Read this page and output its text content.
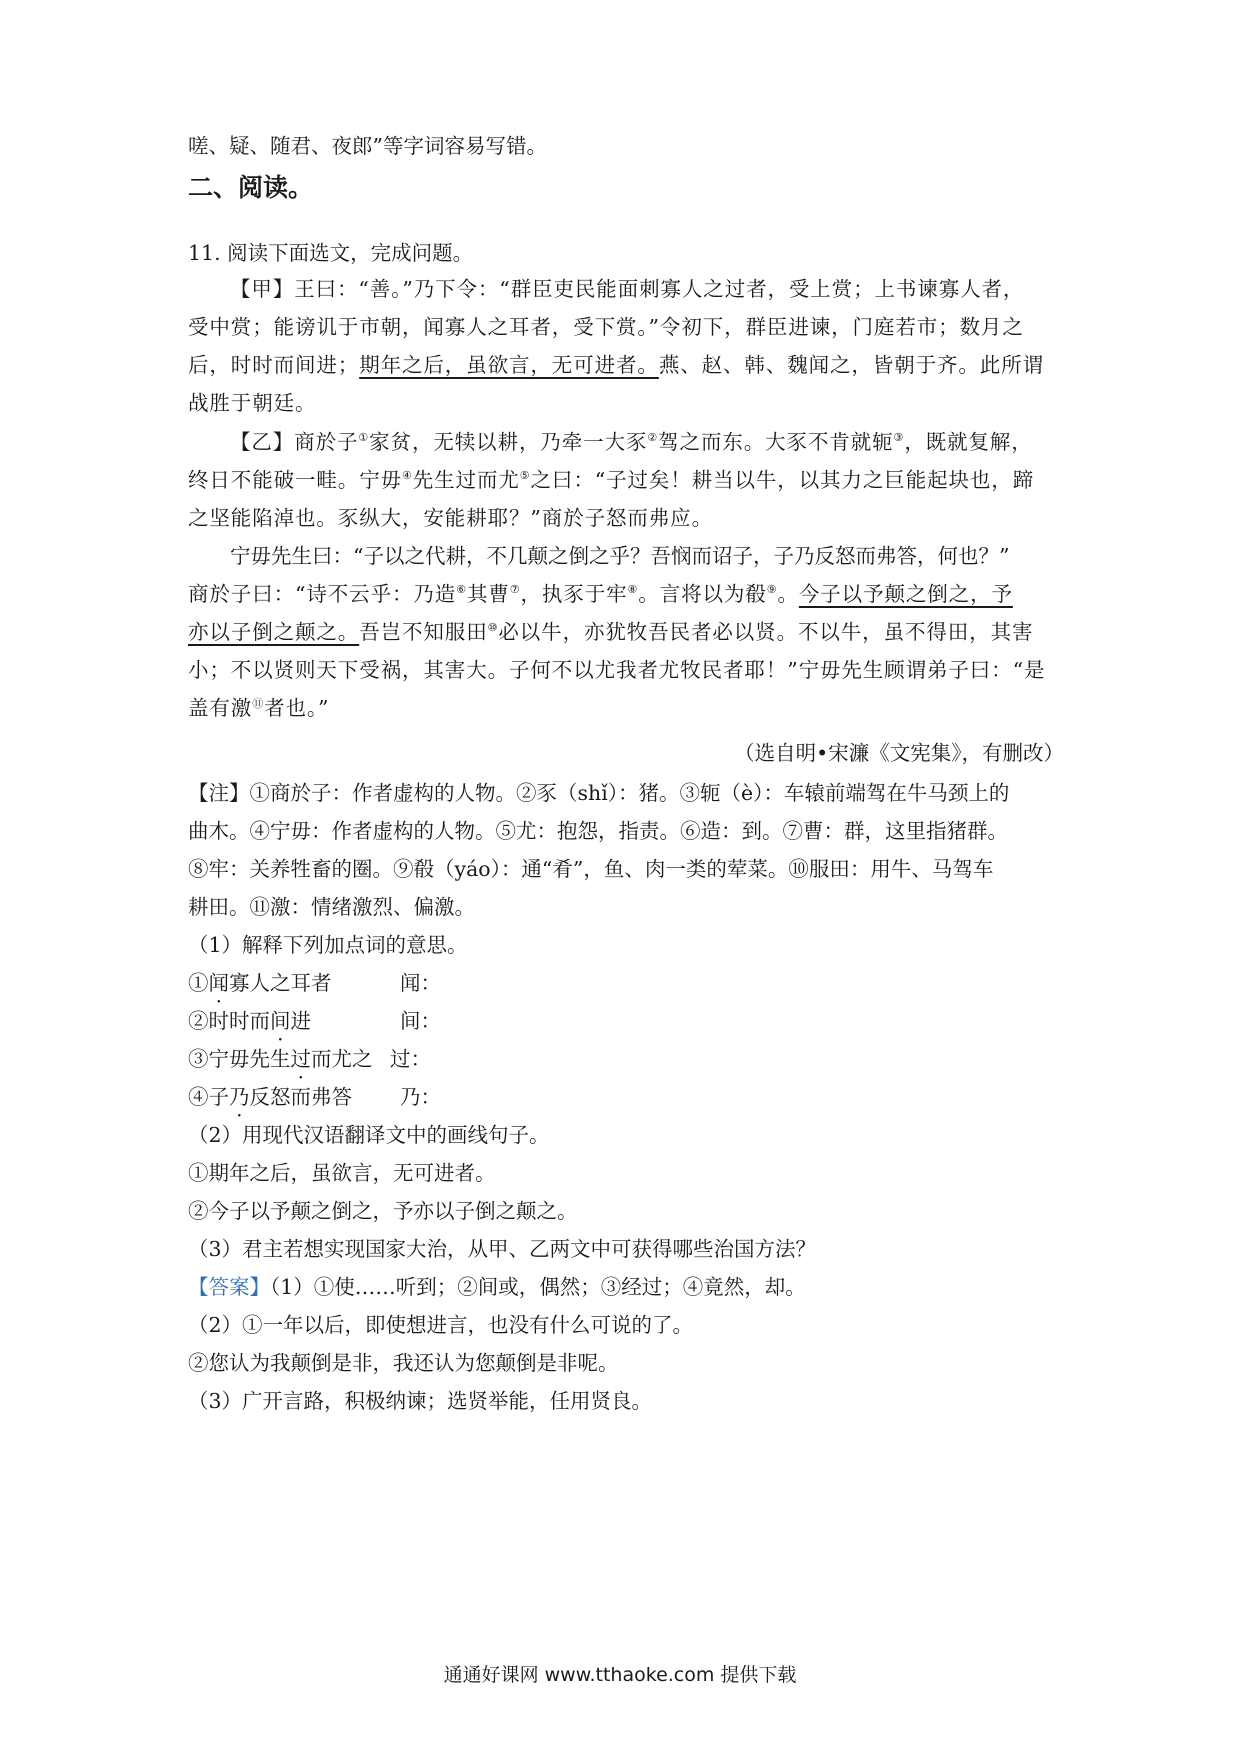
嗟、疑、随君、夜郎”等字词容易写错。
二、阅读。
11. 阅读下面选文，完成问题。
【甲】王曰：“善。”乃下令：“群臣吏民能面刺寡人之过者，受上赏；上书谏寡人者，
受中赏；能谤讥于市朝，闻寡人之耳者，受下赏。”令初下，群臣进谏，门庭若市；数月之
后，时时而间进；期年之后，虽欲言，无可进者。燕、赵、韩、魏闻之，皆朝于齐。此所谓
战胜于朝廷。
【乙】商於子①家贫，无犊以耕，乃牵一大豕②驾之而东。大豕不肯就轭③，既就复解，
终日不能破一畦。宁毋④先生过而尤⑤之曰：“子过矣！耕当以牛，以其力之巨能起块也，蹄
之坚能陷淖也。豕纵大，安能耕耶？”商於子怒而弗应。
宁毋先生曰：“子以之代耕，不几颠之倒之乎？吾悯而诏子，子乃反怒而弗答，何也？”
商於子曰：“诗不云乎：乃造⑥其曹⑦，执豕于牢⑧。言将以为殽⑨。今子以予颠之倒之，予
亦以子倒之颠之。吾岂不知服田⑩必以牛，亦犹牧吾民者必以贤。不以牛，虽不得田，其害
小；不以贤则天下受祸，其害大。子何不以尤我者尤牧民者耶！”宁毋先生顾谓弟子曰：“是
盖有激⑪者也。”
（选自明•宋濂《文宪集》，有删改）
【注】①商於子：作者虚构的人物。②豕（shǐ）：猪。③轭（è）：车辕前端驾在牛马颈上的
曲木。④宁毋：作者虚构的人物。⑤尤：抱怨，指责。⑥造：到。⑦曹：群，这里指猪群。
⑧牢：关养牲畜的圈。⑨殽（yáo）：通“肴”，鱼、肉一类的荤菜。⑩服田：用牛、马驾车
耕田。⑪激：情绪激烈、偏激。
（1）解释下列加点词的意思。
①闻寡人之耳者	闻：
②时时而间进	间：
③宁毋先生过而尤之 过：
④子乃反怒而弗答 乃：
（2）用现代汉语翻译文中的画线句子。
①期年之后，虽欲言，无可进者。
②今子以予颠之倒之，予亦以子倒之颠之。
（3）君主若想实现国家大治，从甲、乙两文中可获得哪些治国方法？
【答案】（1）①使……听到；②间或，偶然；③经过；④竟然，却。
（2）①一年以后，即使想进言，也没有什么可说的了。
②您认为我颠倒是非，我还认为您颠倒是非呢。
（3）广开言路，积极纳谏；选贤举能，任用贤良。
通通好课网 www.tthaoke.com 提供下载
